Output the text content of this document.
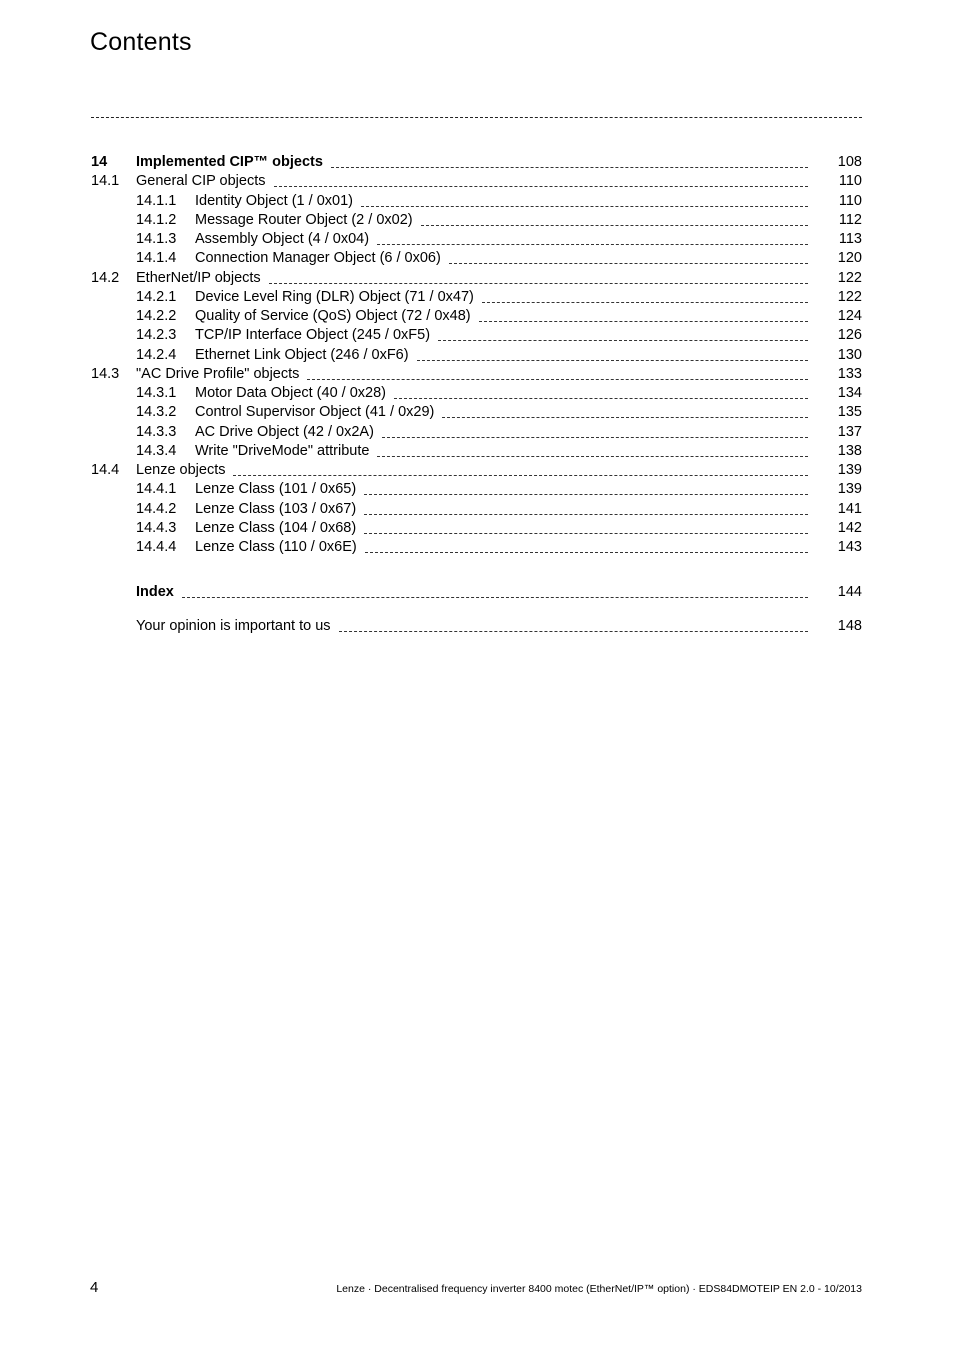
Contents
14 Implemented CIP™ objects	108
14.1 General CIP objects	110
14.1.1 Identity Object (1 / 0x01)	110
14.1.2 Message Router Object (2 / 0x02)	112
14.1.3 Assembly Object (4 / 0x04)	113
14.1.4 Connection Manager Object (6 / 0x06)	120
14.2 EtherNet/IP objects	122
14.2.1 Device Level Ring (DLR) Object (71 / 0x47)	122
14.2.2 Quality of Service (QoS) Object (72 / 0x48)	124
14.2.3 TCP/IP Interface Object (245 / 0xF5)	126
14.2.4 Ethernet Link Object (246 / 0xF6)	130
14.3 "AC Drive Profile" objects	133
14.3.1 Motor Data Object (40 / 0x28)	134
14.3.2 Control Supervisor Object (41 / 0x29)	135
14.3.3 AC Drive Object (42 / 0x2A)	137
14.3.4 Write "DriveMode" attribute	138
14.4 Lenze objects	139
14.4.1 Lenze Class (101 / 0x65)	139
14.4.2 Lenze Class (103 / 0x67)	141
14.4.3 Lenze Class (104 / 0x68)	142
14.4.4 Lenze Class (110 / 0x6E)	143
Index	144
Your opinion is important to us	148
4	Lenze · Decentralised frequency inverter 8400 motec (EtherNet/IP™ option) · EDS84DMOTEIP EN 2.0 - 10/2013
